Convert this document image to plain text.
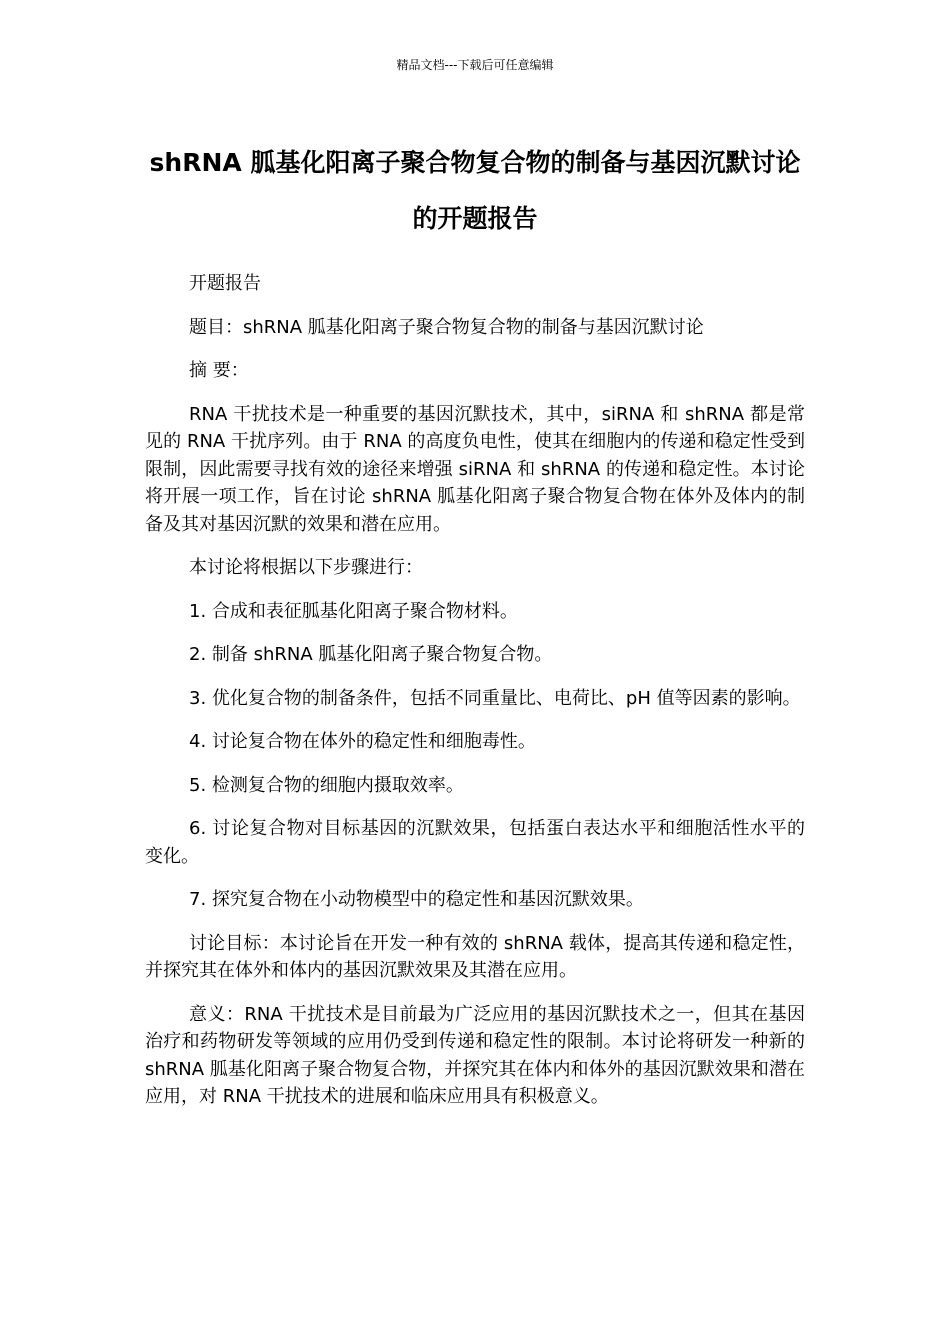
精品文档---下载后可任意编辑
shRNA 胍基化阳离子聚合物复合物的制备与基因沉默讨论的开题报告

开题报告

题目：shRNA 胍基化阳离子聚合物复合物的制备与基因沉默讨论

摘 要：

RNA 干扰技术是一种重要的基因沉默技术，其中，siRNA 和 shRNA 都是常见的 RNA 干扰序列。由于 RNA 的高度负电性，使其在细胞内的传递和稳定性受到限制，因此需要寻找有效的途径来增强 siRNA 和 shRNA 的传递和稳定性。本讨论将开展一项工作，旨在讨论 shRNA 胍基化阳离子聚合物复合物在体外及体内的制备及其对基因沉默的效果和潜在应用。

本讨论将根据以下步骤进行：

1. 合成和表征胍基化阳离子聚合物材料。

2. 制备 shRNA 胍基化阳离子聚合物复合物。

3. 优化复合物的制备条件，包括不同重量比、电荷比、pH 值等因素的影响。

4. 讨论复合物在体外的稳定性和细胞毒性。

5. 检测复合物的细胞内摄取效率。

6. 讨论复合物对目标基因的沉默效果，包括蛋白表达水平和细胞活性水平的变化。

7. 探究复合物在小动物模型中的稳定性和基因沉默效果。

讨论目标：本讨论旨在开发一种有效的 shRNA 载体，提高其传递和稳定性，并探究其在体外和体内的基因沉默效果及其潜在应用。

意义：RNA 干扰技术是目前最为广泛应用的基因沉默技术之一，但其在基因治疗和药物研发等领域的应用仍受到传递和稳定性的限制。本讨论将研发一种新的 shRNA 胍基化阳离子聚合物复合物，并探究其在体内和体外的基因沉默效果和潜在应用，对 RNA 干扰技术的进展和临床应用具有积极意义。
